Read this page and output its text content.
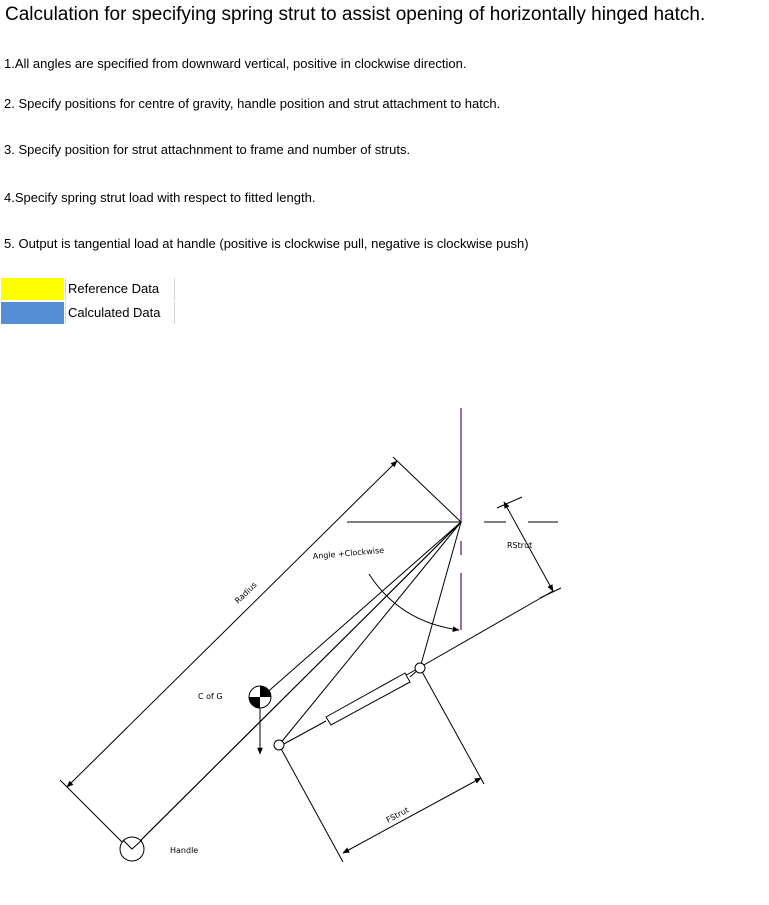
Calculation for specifying spring strut to assist opening of horizontally hinged hatch.
1.All angles are specified from downward vertical, positive in clockwise direction.
2. Specify positions for centre of gravity, handle position and strut attachment to hatch.
3. Specify position for strut attachnment to frame and number of struts.
4.Specify spring strut load with respect to fitted length.
5. Output is tangential load at handle (positive is clockwise pull, negative is clockwise push)
Reference Data
Calculated Data
Angle +Clockwise
RStrut
Radius
C of G
Handle
FStrut
